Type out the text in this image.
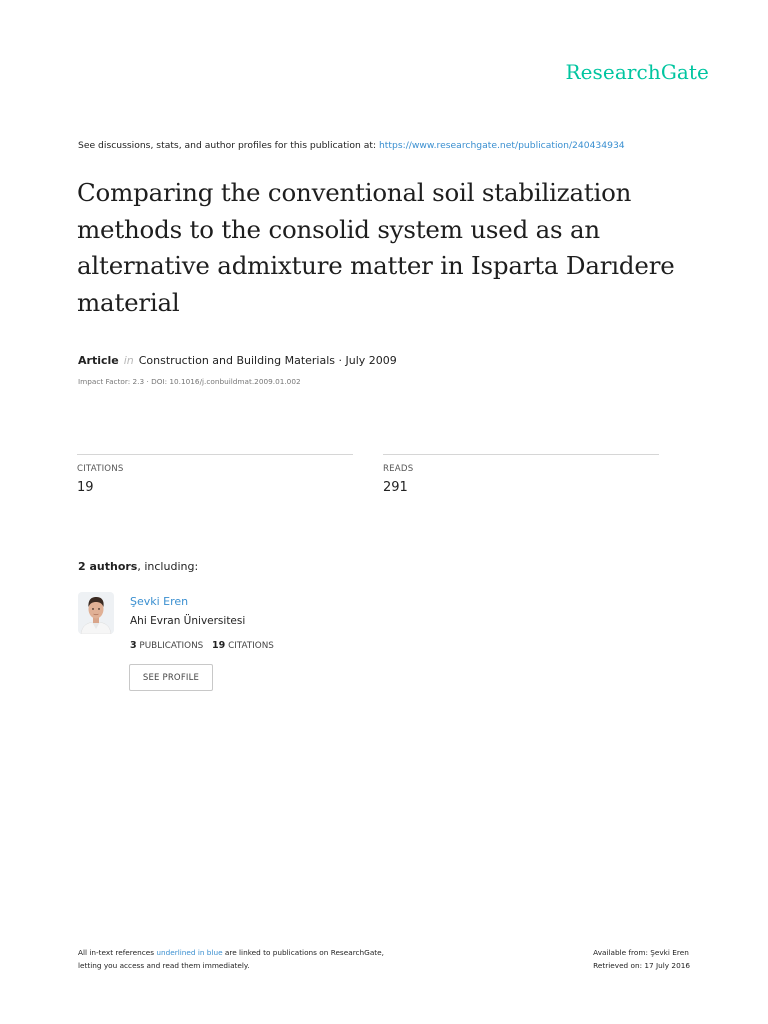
ResearchGate
See discussions, stats, and author profiles for this publication at: https://www.researchgate.net/publication/240434934
Comparing the conventional soil stabilization methods to the consolid system used as an alternative admixture matter in Isparta Darıdere material
Article in Construction and Building Materials · July 2009
Impact Factor: 2.3 · DOI: 10.1016/j.conbuildmat.2009.01.002
CITATIONS
19
READS
291
2 authors, including:
Şevki Eren
Ahi Evran Üniversitesi
3 PUBLICATIONS 19 CITATIONS
SEE PROFILE
All in-text references underlined in blue are linked to publications on ResearchGate,
letting you access and read them immediately.
Available from: Şevki Eren
Retrieved on: 17 July 2016
